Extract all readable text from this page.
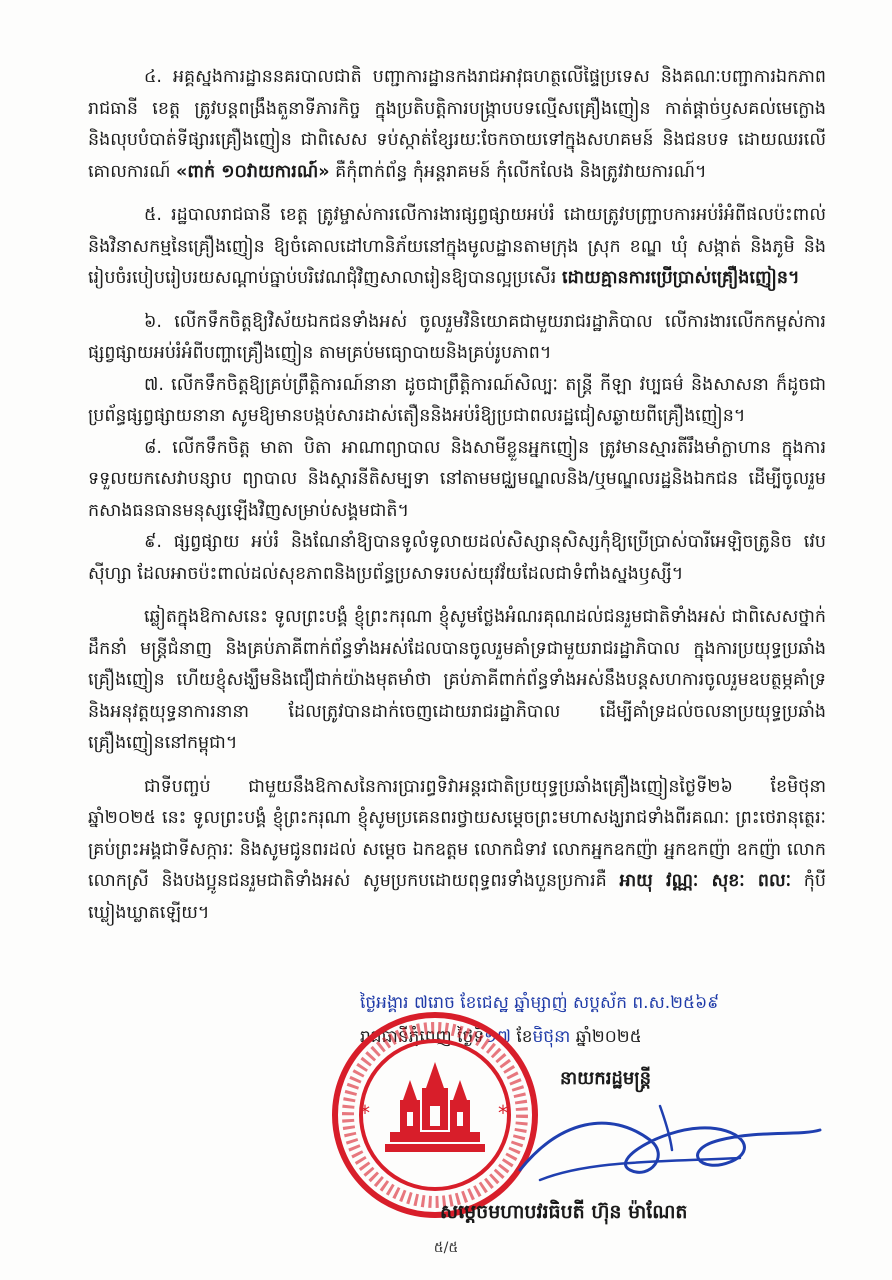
៤. អគ្គស្នងការដ្ឋាននគរបាលជាតិ បញ្ជាការដ្ឋានកងរាជអាវុធហត្ថលើផ្ទៃប្រទេស និងគណៈបញ្ជាការឯកភាពរាជធានី ខេត្ត ត្រូវបន្តពង្រឹងតួនាទីភារកិច្ច ក្នុងប្រតិបត្តិការបង្ក្រាបបទល្មើសគ្រឿងញៀន កាត់ផ្តាច់ឫសគល់មេក្លោង និងលុបបំបាត់ទីផ្សារគ្រឿងញៀន ជាពិសេស ទប់ស្កាត់ខ្សែរយៈចែកចាយទៅក្នុងសហគមន៍ និងជនបទ ដោយឈរលើគោលការណ៍ «ពាក់ ១០វាយការណ៍» គឺកុំពាក់ព័ន្ធ កុំអន្តរាគមន៍ កុំលើកលែង និងត្រូវវាយការណ៍។

៥. រដ្ឋបាលរាជធានី ខេត្ត ត្រូវម្ចាស់ការលើការងារផ្សព្វផ្សាយអប់រំ ដោយត្រូវបញ្ជ្រាបការអប់រំអំពីផលប៉ះពាល់ និងវិនាសកម្មនៃគ្រឿងញៀន ឱ្យចំគោលដៅហានិភ័យនៅក្នុងមូលដ្ឋានតាមក្រុង ស្រុក ខណ្ឌ ឃុំ សង្កាត់ និងភូមិ និងរៀបចំរបៀបរៀបរយសណ្តាប់ធ្នាប់បរិវេណជុំវិញសាលារៀនឱ្យបានល្អប្រសើរ ដោយគ្មានការប្រើប្រាស់គ្រឿងញៀន។

៦. លើកទឹកចិត្តឱ្យវិស័យឯកជនទាំងអស់ ចូលរួមវិនិយោគជាមួយរាជរដ្ឋាភិបាល លើការងារលើកកម្ពស់ការផ្សព្វផ្សាយអប់រំអំពីបញ្ហាគ្រឿងញៀន តាមគ្រប់មធ្យោបាយនិងគ្រប់រូបភាព។

៧. លើកទឹកចិត្តឱ្យគ្រប់ព្រឹត្តិការណ៍នានា ដូចជាព្រឹត្តិការណ៍សិល្បៈ តន្ត្រី កីឡា វប្បធម៌ និងសាសនា ក៏ដូចជាប្រព័ន្ធផ្សព្វផ្សាយនានា សូមឱ្យមានបង្កប់សារដាស់តឿននិងអប់រំឱ្យប្រជាពលរដ្ឋជៀសឆ្ងាយពីគ្រឿងញៀន។

៨. លើកទឹកចិត្ត មាតា បិតា អាណាព្យាបាល និងសាមីខ្លួនអ្នកញៀន ត្រូវមានស្មារតីរឹងមាំក្លាហាន ក្នុងការទទួលយកសេវាបន្សាប ព្យាបាល និងស្តារនីតិសម្បទា នៅតាមមជ្ឈមណ្ឌលនិង/ឬមណ្ឌលរដ្ឋនិងឯកជន ដើម្បីចូលរួមកសាងធនធានមនុស្សឡើងវិញសម្រាប់សង្គមជាតិ។

៩. ផ្សព្វផ្សាយ អប់រំ និងណែនាំឱ្យបានទូលំទូលាយដល់សិស្សានុសិស្សកុំឱ្យប្រើប្រាស់បារីអេឡិចត្រូនិច វេប ស៊ីហ្សា ដែលអាចប៉ះពាល់ដល់សុខភាពនិងប្រព័ន្ធប្រសាទរបស់យុវវ័យដែលជាទំពាំងស្នងឫស្សី។

ឆ្លៀតក្នុងឱកាសនេះ ទូលព្រះបង្គំ ខ្ញុំព្រះករុណា ខ្ញុំសូមថ្លែងអំណរគុណដល់ជនរួមជាតិទាំងអស់ ជាពិសេសថ្នាក់ដឹកនាំ មន្ត្រីជំនាញ និងគ្រប់ភាគីពាក់ព័ន្ធទាំងអស់ដែលបានចូលរួមគាំទ្រជាមួយរាជរដ្ឋាភិបាល ក្នុងការប្រយុទ្ធប្រឆាំងគ្រឿងញៀន ហើយខ្ញុំសង្ឃឹមនិងជឿជាក់យ៉ាងមុតមាំថា គ្រប់ភាគីពាក់ព័ន្ធទាំងអស់នឹងបន្តសហការចូលរួមឧបត្ថម្ភគាំទ្រនិងអនុវត្តយុទ្ធនាការនានា ដែលត្រូវបានដាក់ចេញដោយរាជរដ្ឋាភិបាល ដើម្បីគាំទ្រដល់ចលនាប្រយុទ្ធប្រឆាំងគ្រឿងញៀននៅកម្ពុជា។

ជាទីបញ្ចប់ ជាមួយនឹងឱកាសនៃការប្រារព្ធទិវាអន្តរជាតិប្រយុទ្ធប្រឆាំងគ្រឿងញៀនថ្ងៃទី២៦ ខែមិថុនា ឆ្នាំ២០២៥ នេះ ទូលព្រះបង្គំ ខ្ញុំព្រះករុណា ខ្ញុំសូមប្រគេនពរថ្វាយសម្តេចព្រះមហាសង្ឃរាជទាំងពីរគណៈ ព្រះថេរានុត្ថេរៈគ្រប់ព្រះអង្គជាទីសក្ការៈ និងសូមជូនពរដល់ សម្តេច ឯកឧត្តម លោកជំទាវ លោកអ្នកឧកញ៉ា អ្នកឧកញ៉ា ឧកញ៉ា លោក លោកស្រី និងបងប្អូនជនរួមជាតិទាំងអស់ សូមប្រកបដោយពុទ្ធពរទាំងបួនប្រការគឺ អាយុ វណ្ណៈ សុខៈ ពលៈ កុំបីឃ្លៀងឃ្លាតឡើយ។

ថ្ងៃអង្គារ ៧រោច ខែជេស្ឋ ឆ្នាំម្សាញ់ សប្តស័ក ព.ស.២៥៦៩
រាជធានីភ្នំពេញ ថ្ងៃទី១៧ ខែមិថុនា ឆ្នាំ២០២៥
*	*
នាយករដ្ឋមន្ត្រី
សម្តេចមហាបវរធិបតី ហ៊ុន ម៉ាណែត
៥/៥
